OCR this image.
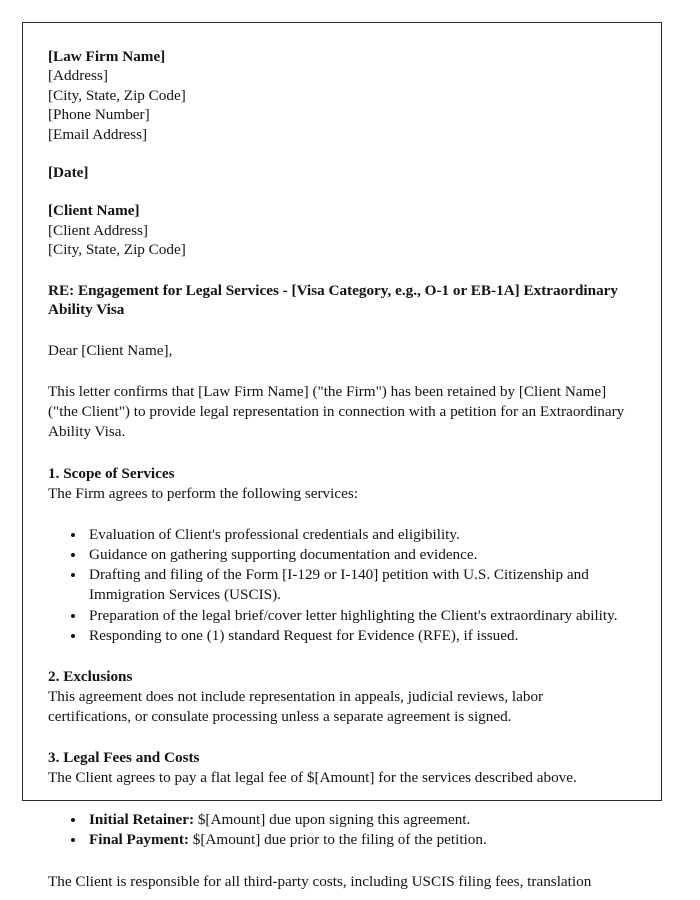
[Law Firm Name]
[Address]
[City, State, Zip Code]
[Phone Number]
[Email Address]
[Date]
[Client Name]
[Client Address]
[City, State, Zip Code]
RE: Engagement for Legal Services - [Visa Category, e.g., O-1 or EB-1A] Extraordinary Ability Visa
Dear [Client Name],
This letter confirms that [Law Firm Name] ("the Firm") has been retained by [Client Name] ("the Client") to provide legal representation in connection with a petition for an Extraordinary Ability Visa.
1. Scope of Services
The Firm agrees to perform the following services:
• Evaluation of Client's professional credentials and eligibility.
• Guidance on gathering supporting documentation and evidence.
• Drafting and filing of the Form [I-129 or I-140] petition with U.S. Citizenship and Immigration Services (USCIS).
• Preparation of the legal brief/cover letter highlighting the Client's extraordinary ability.
• Responding to one (1) standard Request for Evidence (RFE), if issued.
2. Exclusions
This agreement does not include representation in appeals, judicial reviews, labor certifications, or consulate processing unless a separate agreement is signed.
3. Legal Fees and Costs
The Client agrees to pay a flat legal fee of $[Amount] for the services described above.
• Initial Retainer: $[Amount] due upon signing this agreement.
• Final Payment: $[Amount] due prior to the filing of the petition.
The Client is responsible for all third-party costs, including USCIS filing fees, translation
